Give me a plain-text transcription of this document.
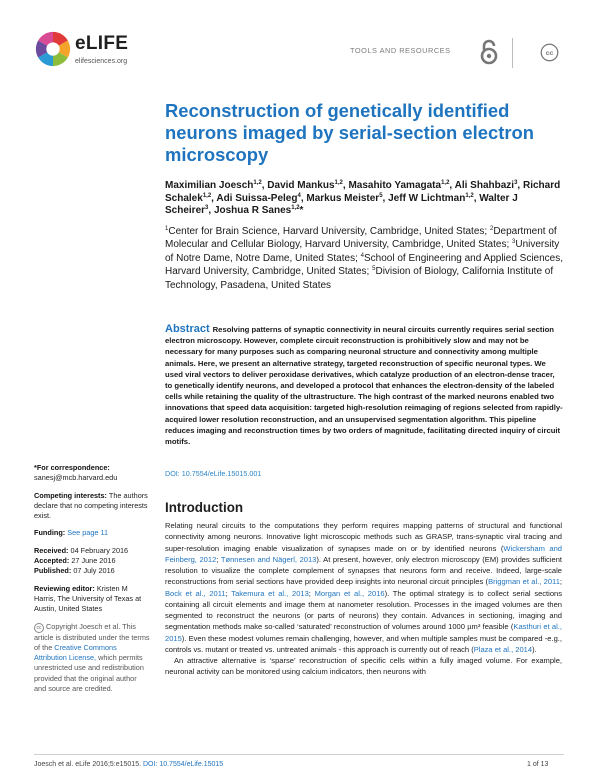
eLIFE
elifesciences.org
TOOLS AND RESOURCES	cc
Reconstruction of genetically identified neurons imaged by serial-section electron microscopy

Maximilian Joesch$^{1,2}$, David Mankus$^{1,2}$, Masahito Yamagata$^{1,2}$, Ali Shahbazi$^3$, Richard Schalek$^{1,2}$, Adi Suissa-Peleg$^4$, Markus Meister$^5$, Jeff W Lichtman$^{1,2}$, Walter J Scheirer$^3$, Joshua R Sanes$^{1,2}$*

$^1$Center for Brain Science, Harvard University, Cambridge, United States; $^2$Department of Molecular and Cellular Biology, Harvard University, Cambridge, United States; $^3$University of Notre Dame, Notre Dame, United States; $^4$School of Engineering and Applied Sciences, Harvard University, Cambridge, United States; $^5$Division of Biology, California Institute of Technology, Pasadena, United States

Abstract Resolving patterns of synaptic connectivity in neural circuits currently requires serial section electron microscopy. However, complete circuit reconstruction is prohibitively slow and may not be necessary for many purposes such as comparing neuronal structure and connectivity among multiple animals. Here, we present an alternative strategy, targeted reconstruction of specific neuronal types. We used viral vectors to deliver peroxidase derivatives, which catalyze production of an electron-dense tracer, to genetically identify neurons, and developed a protocol that enhances the electron-density of the labeled cells while retaining the quality of the ultrastructure. The high contrast of the marked neurons enabled two innovations that speed data acquisition: targeted high-resolution reimaging of regions selected from rapidly-acquired lower resolution reconstruction, and an unsupervised segmentation algorithm. This pipeline reduces imaging and reconstruction times by two orders of magnitude, facilitating directed inquiry of circuit motifs.

DOI: 10.7554/eLife.15015.001

*For correspondence: sanesj@mcb.harvard.edu

Competing interests: The authors declare that no competing interests exist.

Funding: See page 11

Received: 04 February 2016
Accepted: 27 June 2016
Published: 07 July 2016

Reviewing editor: Kristen M Harris, The University of Texas at Austin, United States

cc Copyright Joesch et al. This article is distributed under the terms of the Creative Commons Attribution License, which permits unrestricted use and redistribution provided that the original author and source are credited.

Introduction

Relating neural circuits to the computations they perform requires mapping patterns of structural and functional connectivity among neurons. Innovative light microscopic methods such as GRASP, trans-synaptic viral tracing and super-resolution imaging enable visualization of synapses made on or by identified neurons (Wickersham and Feinberg, 2012; Tønnesen and Nägerl, 2013). At present, however, only electron microscopy (EM) provides sufficient resolution to visualize the complete complement of synapses that neurons form and receive. Indeed, large-scale reconstructions from serial sections have provided deep insights into neuronal circuit principles (Briggman et al., 2011; Bock et al., 2011; Takemura et al., 2013; Morgan et al., 2016). The optimal strategy is to collect serial sections containing all circuit elements and image them at nanometer resolution. Processes in the imaged volumes are then segmented to reconstruct the neurons (or parts of neurons) they contain. Advances in sectioning, imaging and segmentation methods make so-called ‘saturated’ reconstruction of volumes around 1000 µm³ feasible (Kasthuri et al., 2015). Even these modest volumes remain challenging, however, and when multiple samples must be compared -e.g., controls vs. mutant or treated vs. untreated animals - this approach is currently out of reach (Plaza et al., 2014).

An attractive alternative is ‘sparse’ reconstruction of specific cells within a fully imaged volume. For example, neuronal activity can be monitored using calcium indicators, then neurons with

Joesch et al. eLife 2016;5:e15015. DOI: 10.7554/eLife.15015	1 of 13
